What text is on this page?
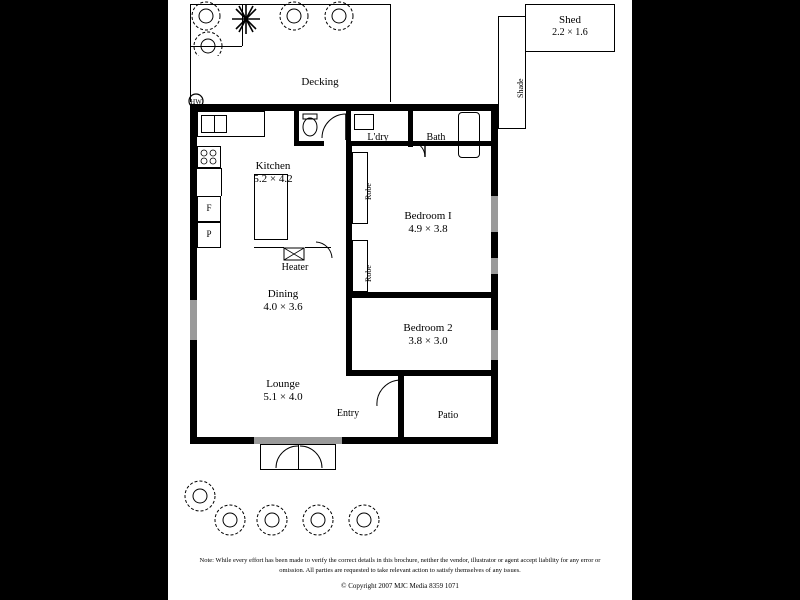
Decking
Shed
2.2 × 1.6
Shade
F
P
Kitchen
5.2 × 4.2
HW
L'dry	Bath
Robe
Bedroom I
4.9 × 3.8
Robe
Bedroom 2
3.8 × 3.0
Heater
Dining
4.0 × 3.6
Lounge
5.1 × 4.0
Entry	Patio
Note: While every effort has been made to verify the correct details in this brochure, neither the vendor, illustrator or agent accept liability for any error or omission. All parties are requested to take relevant action to satisfy themselves of any issues.
© Copyright 2007 MJC Media 8359 1071
